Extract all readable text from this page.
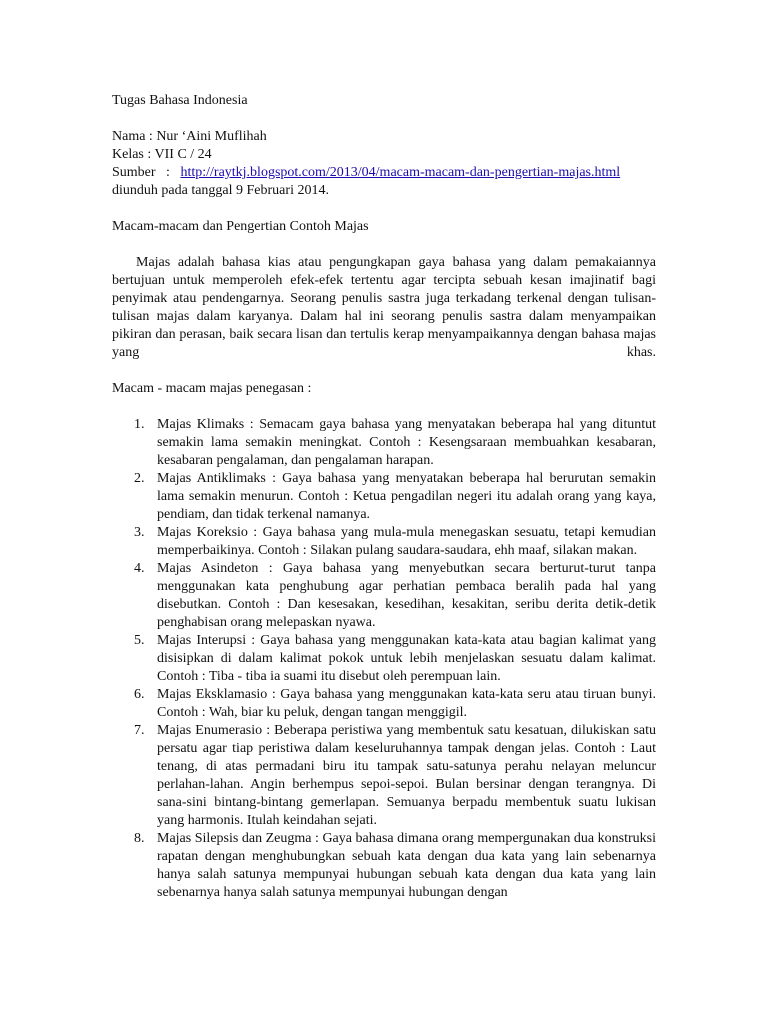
Tugas Bahasa Indonesia
Nama : Nur ‘Aini Muflihah
Kelas : VII C / 24
Sumber   :   http://raytkj.blogspot.com/2013/04/macam-macam-dan-pengertian-majas.html
diunduh pada tanggal 9 Februari 2014.
Macam-macam dan Pengertian Contoh Majas

Majas adalah bahasa kias atau pengungkapan gaya bahasa yang dalam pemakaiannya bertujuan untuk memperoleh efek-efek tertentu agar tercipta sebuah kesan imajinatif bagi penyimak atau pendengarnya. Seorang penulis sastra juga terkadang terkenal dengan tulisan-tulisan majas dalam karyanya. Dalam hal ini seorang penulis sastra dalam menyampaikan pikiran dan perasan, baik secara lisan dan tertulis kerap menyampaikannya dengan bahasa majas yang khas.

Macam - macam majas penegasan :
1. Majas Klimaks : Semacam gaya bahasa yang menyatakan beberapa hal yang dituntut semakin lama semakin meningkat. Contoh : Kesengsaraan membuahkan kesabaran, kesabaran pengalaman, dan pengalaman harapan.
2. Majas Antiklimaks : Gaya bahasa yang menyatakan beberapa hal berurutan semakin lama semakin menurun. Contoh : Ketua pengadilan negeri itu adalah orang yang kaya, pendiam, dan tidak terkenal namanya.
3. Majas Koreksio : Gaya bahasa yang mula-mula menegaskan sesuatu, tetapi kemudian memperbaikinya. Contoh : Silakan pulang saudara-saudara, ehh maaf, silakan makan.
4. Majas Asindeton : Gaya bahasa yang menyebutkan secara berturut-turut tanpa menggunakan kata penghubung agar perhatian pembaca beralih pada hal yang disebutkan. Contoh : Dan kesesakan, kesedihan, kesakitan, seribu derita detik-detik penghabisan orang melepaskan nyawa.
5. Majas Interupsi : Gaya bahasa yang menggunakan kata-kata atau bagian kalimat yang disisipkan di dalam kalimat pokok untuk lebih menjelaskan sesuatu dalam kalimat. Contoh : Tiba - tiba ia suami itu disebut oleh perempuan lain.
6. Majas Eksklamasio : Gaya bahasa yang menggunakan kata-kata seru atau tiruan bunyi. Contoh : Wah, biar ku peluk, dengan tangan menggigil.
7. Majas Enumerasio : Beberapa peristiwa yang membentuk satu kesatuan, dilukiskan satu persatu agar tiap peristiwa dalam keseluruhannya tampak dengan jelas. Contoh : Laut tenang, di atas permadani biru itu tampak satu-satunya perahu nelayan meluncur perlahan-lahan. Angin berhempus sepoi-sepoi. Bulan bersinar dengan terangnya. Di sana-sini bintang-bintang gemerlapan. Semuanya berpadu membentuk suatu lukisan yang harmonis. Itulah keindahan sejati.
8. Majas Silepsis dan Zeugma : Gaya bahasa dimana orang mempergunakan dua konstruksi rapatan dengan menghubungkan sebuah kata dengan dua kata yang lain sebenarnya hanya salah satunya mempunyai hubungan sebuah kata dengan dua kata yang lain sebenarnya hanya salah satunya mempunyai hubungan dengan
